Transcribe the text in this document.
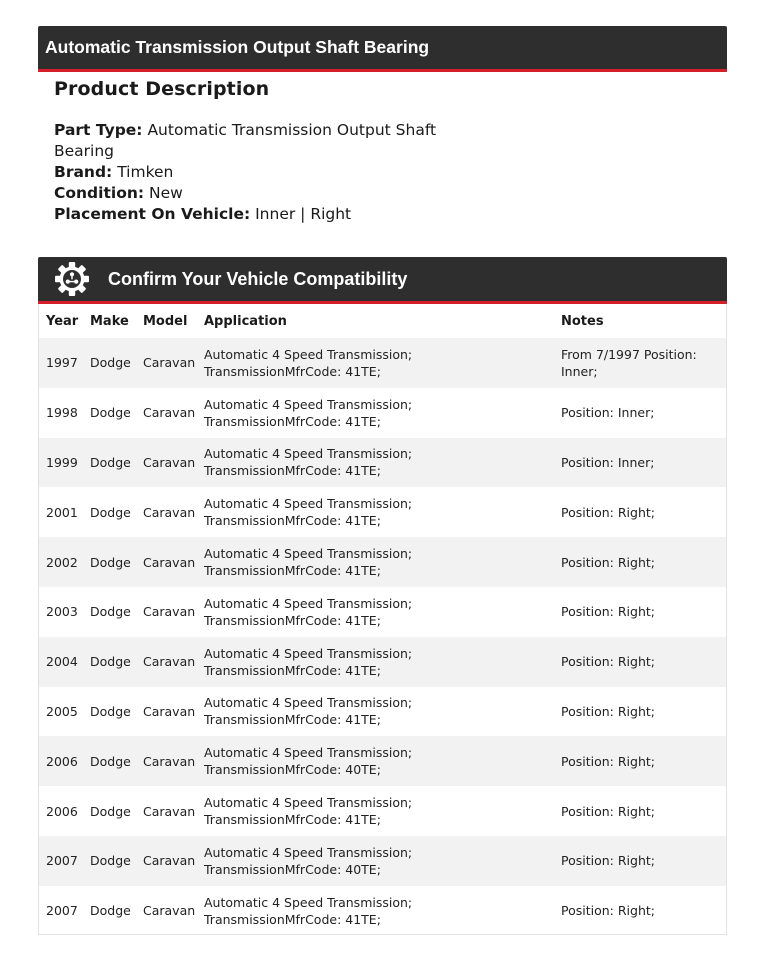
Automatic Transmission Output Shaft Bearing
Product Description
Part Type: Automatic Transmission Output Shaft Bearing
Brand: Timken
Condition: New
Placement On Vehicle: Inner | Right
Confirm Your Vehicle Compatibility
Year	Make	Model	Application	Notes
1997	Dodge	Caravan	Automatic 4 Speed Transmission; TransmissionMfrCode: 41TE;	From 7/1997 Position: Inner;
1998	Dodge	Caravan	Automatic 4 Speed Transmission; TransmissionMfrCode: 41TE;	Position: Inner;
1999	Dodge	Caravan	Automatic 4 Speed Transmission; TransmissionMfrCode: 41TE;	Position: Inner;
2001	Dodge	Caravan	Automatic 4 Speed Transmission; TransmissionMfrCode: 41TE;	Position: Right;
2002	Dodge	Caravan	Automatic 4 Speed Transmission; TransmissionMfrCode: 41TE;	Position: Right;
2003	Dodge	Caravan	Automatic 4 Speed Transmission; TransmissionMfrCode: 41TE;	Position: Right;
2004	Dodge	Caravan	Automatic 4 Speed Transmission; TransmissionMfrCode: 41TE;	Position: Right;
2005	Dodge	Caravan	Automatic 4 Speed Transmission; TransmissionMfrCode: 41TE;	Position: Right;
2006	Dodge	Caravan	Automatic 4 Speed Transmission; TransmissionMfrCode: 40TE;	Position: Right;
2006	Dodge	Caravan	Automatic 4 Speed Transmission; TransmissionMfrCode: 41TE;	Position: Right;
2007	Dodge	Caravan	Automatic 4 Speed Transmission; TransmissionMfrCode: 40TE;	Position: Right;
2007	Dodge	Caravan	Automatic 4 Speed Transmission; TransmissionMfrCode: 41TE;	Position: Right;
